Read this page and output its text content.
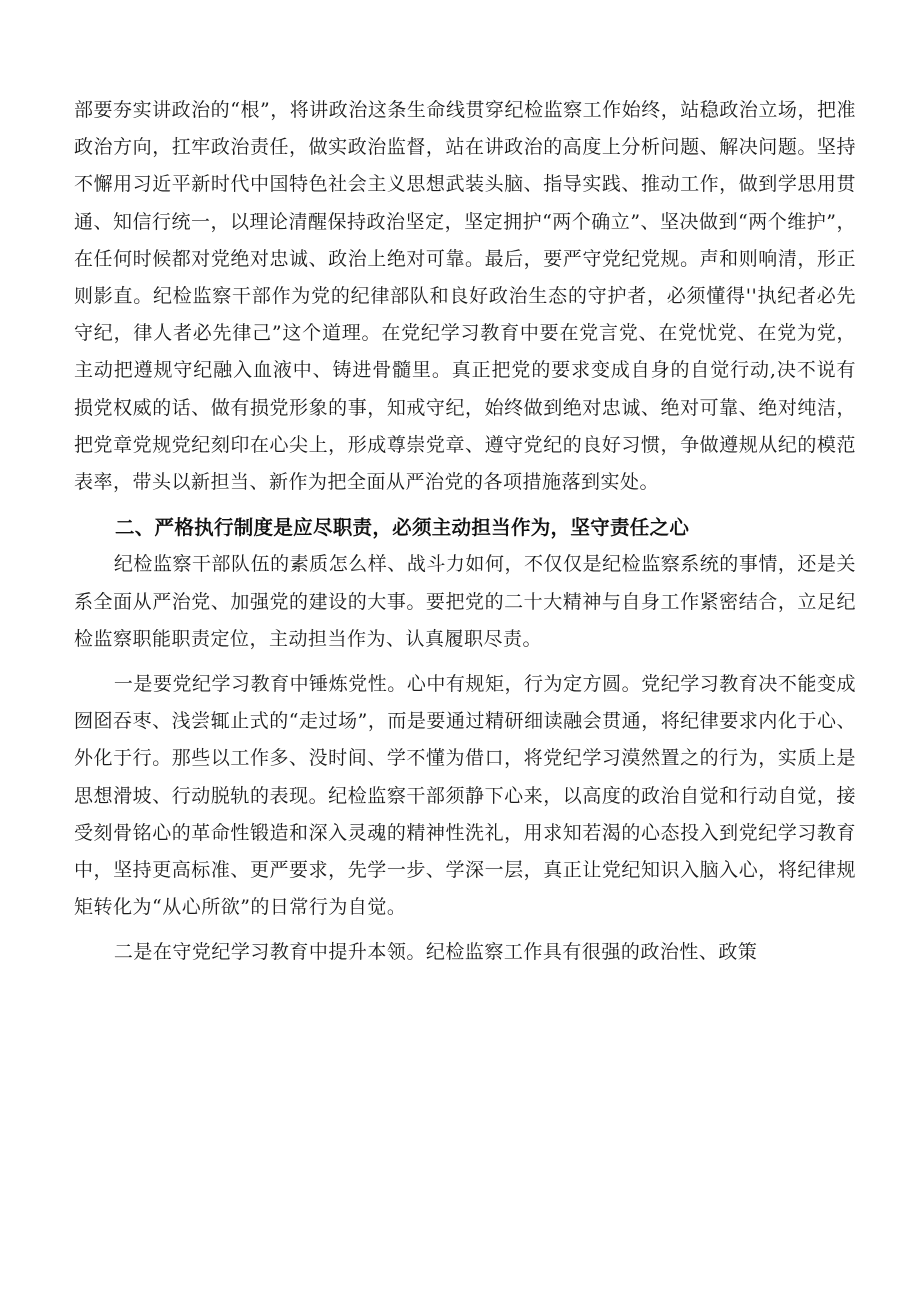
部要夯实讲政治的“根”，将讲政治这条生命线贯穿纪检监察工作始终，站稳政治立场，把准政治方向，扛牢政治责任，做实政治监督，站在讲政治的高度上分析问题、解决问题。坚持不懈用习近平新时代中国特色社会主义思想武装头脑、指导实践、推动工作，做到学思用贯通、知信行统一，以理论清醒保持政治坚定，坚定拥护“两个确立”、坚决做到“两个维护”，在任何时候都对党绝对忠诚、政治上绝对可靠。最后，要严守党纪党规。声和则响清，形正则影直。纪检监察干部作为党的纪律部队和良好政治生态的守护者，必须懂得''执纪者必先守纪，律人者必先律己”这个道理。在党纪学习教育中要在党言党、在党忧党、在党为党，主动把遵规守纪融入血液中、铸进骨髓里。真正把党的要求变成自身的自觉行动,决不说有损党权威的话、做有损党形象的事，知戒守纪，始终做到绝对忠诚、绝对可靠、绝对纯洁，把党章党规党纪刻印在心尖上，形成尊崇党章、遵守党纪的良好习惯，争做遵规从纪的模范表率，带头以新担当、新作为把全面从严治党的各项措施落到实处。

二、严格执行制度是应尽职责，必须主动担当作为，坚守责任之心

纪检监察干部队伍的素质怎么样、战斗力如何，不仅仅是纪检监察系统的事情，还是关系全面从严治党、加强党的建设的大事。要把党的二十大精神与自身工作紧密结合，立足纪检监察职能职责定位，主动担当作为、认真履职尽责。

一是要党纪学习教育中锤炼党性。心中有规矩，行为定方圆。党纪学习教育决不能变成囫囵吞枣、浅尝辄止式的“走过场”，而是要通过精研细读融会贯通，将纪律要求内化于心、外化于行。那些以工作多、没时间、学不懂为借口，将党纪学习漠然置之的行为，实质上是思想滑坡、行动脱轨的表现。纪检监察干部须静下心来，以高度的政治自觉和行动自觉，接受刻骨铭心的革命性锻造和深入灵魂的精神性洗礼，用求知若渴的心态投入到党纪学习教育中，坚持更高标准、更严要求，先学一步、学深一层，真正让党纪知识入脑入心，将纪律规矩转化为“从心所欲”的日常行为自觉。

二是在守党纪学习教育中提升本领。纪检监察工作具有很强的政治性、政策
